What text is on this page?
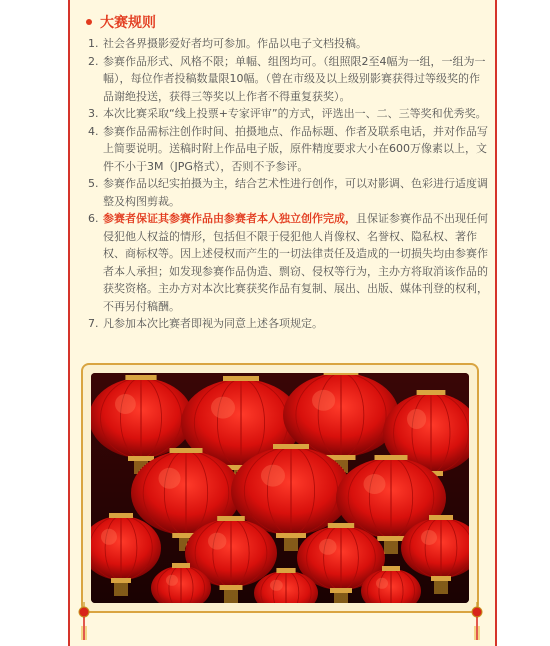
大赛规则
1. 社会各界摄影爱好者均可参加。作品以电子文档投稿。
2. 参赛作品形式、风格不限；单幅、组图均可。（组照限2至4幅为一组，一组为一幅），每位作者投稿数量限10幅。（曾在市级及以上级别影赛获得过等级奖的作品谢绝投送，获得三等奖以上作者不得重复获奖）。
3. 本次比赛采取“线上投票+专家评审”的方式，评选出一、二、三等奖和优秀奖。
4. 参赛作品需标注创作时间、拍摄地点、作品标题、作者及联系电话，并对作品写上简要说明。送稿时附上作品电子版，原件精度要求大小在600万像素以上，文件不小于3M（JPG格式），否则不予参评。
5. 参赛作品以纪实拍摄为主，结合艺术性进行创作，可以对影调、色彩进行适度调整及构图剪裁。
6. 参赛者保证其参赛作品由参赛者本人独立创作完成，且保证参赛作品不出现任何侵犯他人权益的情形，包括但不限于侵犯他人肖像权、名誉权、隐私权、著作权、商标权等。因上述侵权而产生的一切法律责任及造成的一切损失均由参赛作者本人承担；如发现参赛作品伪造、剽窃、侵权等行为，主办方将取消该作品的获奖资格。主办方对本次比赛获奖作品有复制、展出、出版、媒体刊登的权利，不再另付稿酬。
7. 凡参加本次比赛者即视为同意上述各项规定。
